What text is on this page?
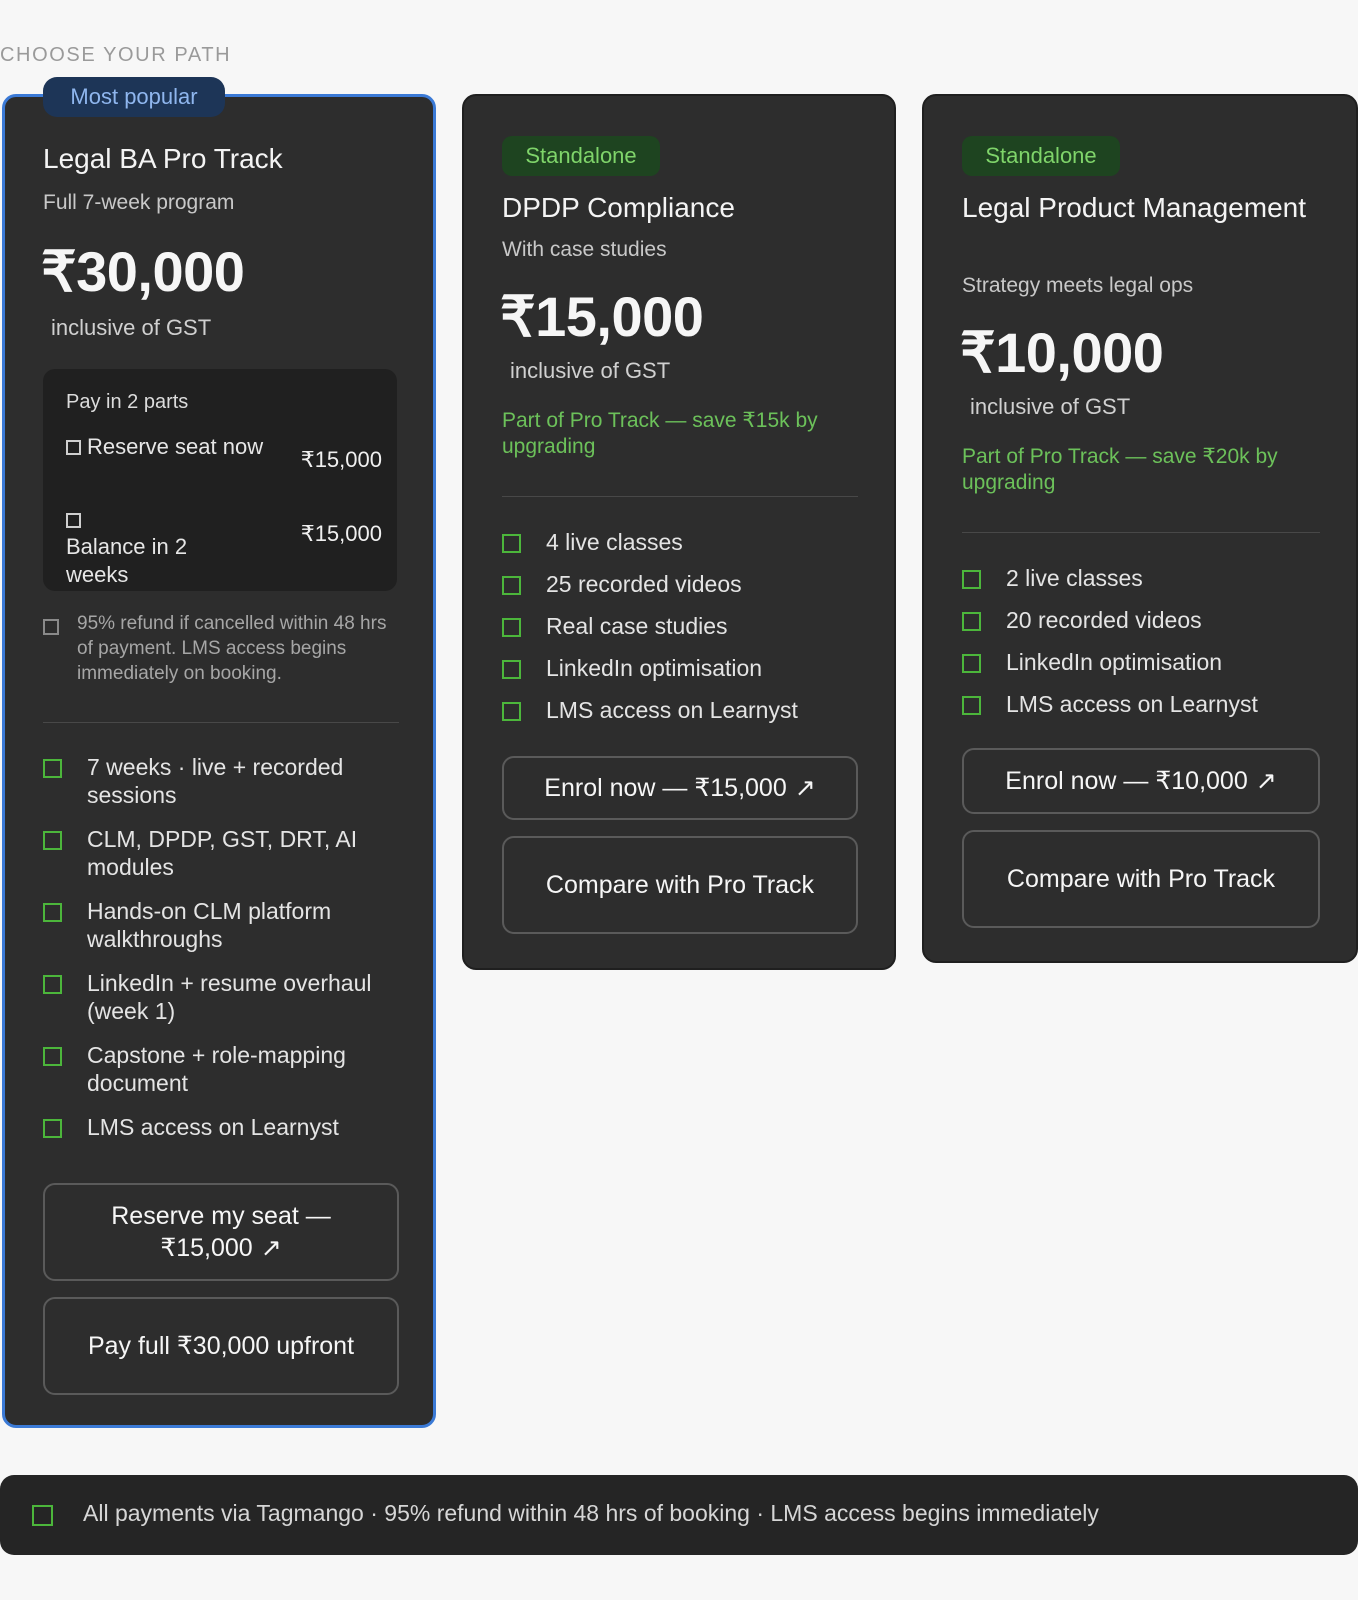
CHOOSE YOUR PATH
Most popular
Legal BA Pro Track
Full 7-week program
₹30,000
inclusive of GST
Pay in 2 parts
Reserve seat now
₹15,000
Balance in 2 weeks
₹15,000
95% refund if cancelled within 48 hrs of payment. LMS access begins immediately on booking.
7 weeks · live + recorded sessions
CLM, DPDP, GST, DRT, AI modules
Hands-on CLM platform walkthroughs
LinkedIn + resume overhaul (week 1)
Capstone + role-mapping document
LMS access on Learnyst
Reserve my seat — ₹15,000 ↗
Pay full ₹30,000 upfront
Standalone
DPDP Compliance
With case studies
₹15,000
inclusive of GST
Part of Pro Track — save ₹15k by upgrading
4 live classes
25 recorded videos
Real case studies
LinkedIn optimisation
LMS access on Learnyst
Enrol now — ₹15,000 ↗
Compare with Pro Track
Standalone
Legal Product Management
Strategy meets legal ops
₹10,000
inclusive of GST
Part of Pro Track — save ₹20k by upgrading
2 live classes
20 recorded videos
LinkedIn optimisation
LMS access on Learnyst
Enrol now — ₹10,000 ↗
Compare with Pro Track
All payments via Tagmango · 95% refund within 48 hrs of booking · LMS access begins immediately
